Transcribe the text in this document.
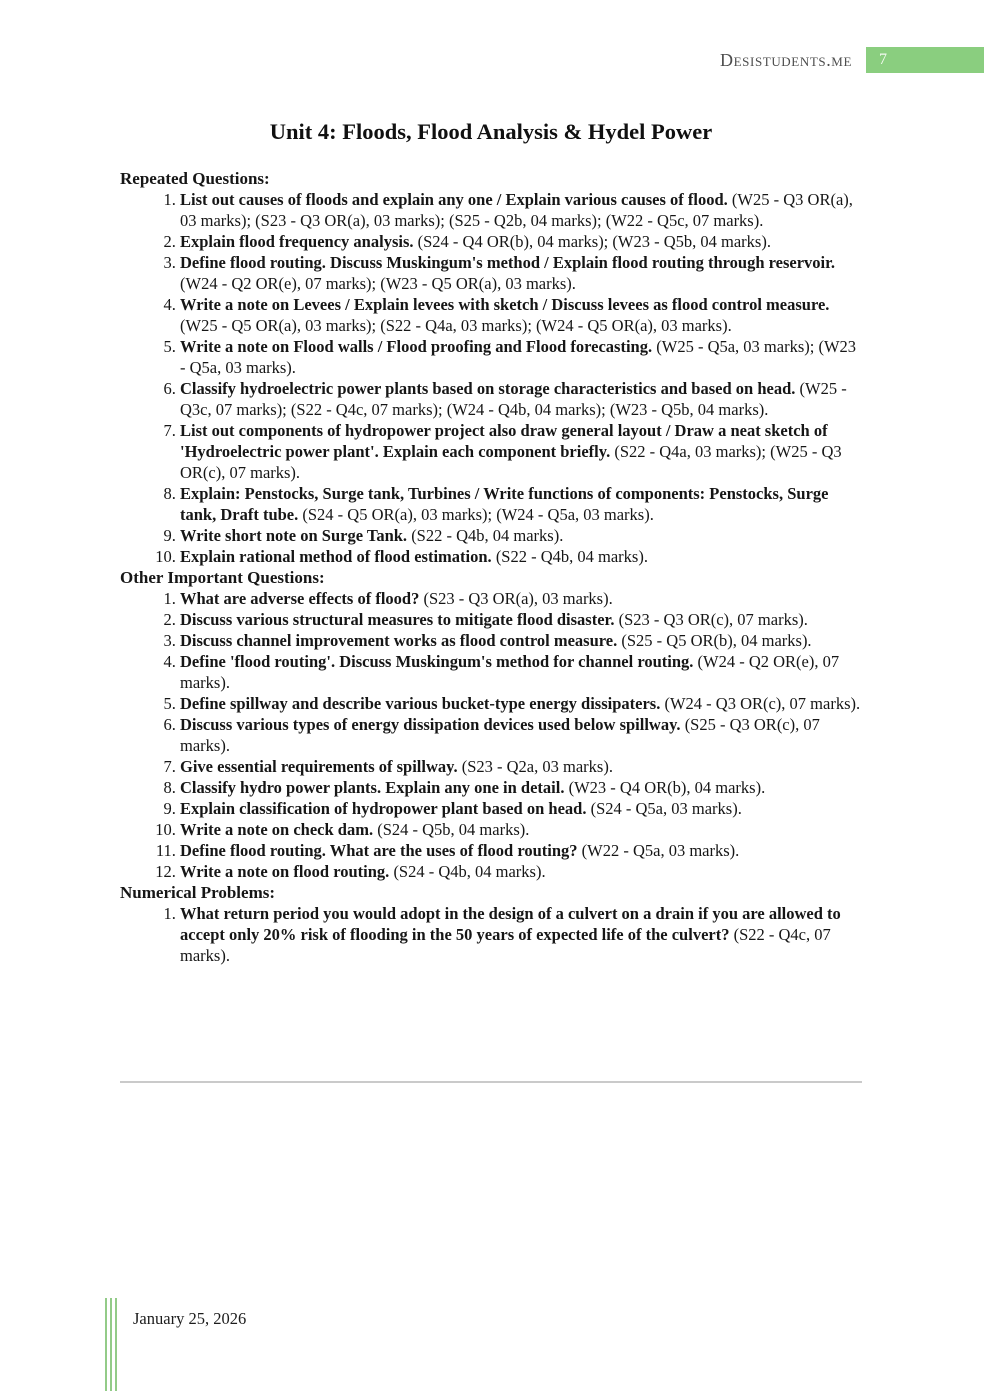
Desistudents.me 7
Unit 4: Floods, Flood Analysis & Hydel Power
Repeated Questions:
1. List out causes of floods and explain any one / Explain various causes of flood. (W25 - Q3 OR(a), 03 marks); (S23 - Q3 OR(a), 03 marks); (S25 - Q2b, 04 marks); (W22 - Q5c, 07 marks).
2. Explain flood frequency analysis. (S24 - Q4 OR(b), 04 marks); (W23 - Q5b, 04 marks).
3. Define flood routing. Discuss Muskingum's method / Explain flood routing through reservoir. (W24 - Q2 OR(e), 07 marks); (W23 - Q5 OR(a), 03 marks).
4. Write a note on Levees / Explain levees with sketch / Discuss levees as flood control measure. (W25 - Q5 OR(a), 03 marks); (S22 - Q4a, 03 marks); (W24 - Q5 OR(a), 03 marks).
5. Write a note on Flood walls / Flood proofing and Flood forecasting. (W25 - Q5a, 03 marks); (W23 - Q5a, 03 marks).
6. Classify hydroelectric power plants based on storage characteristics and based on head. (W25 - Q3c, 07 marks); (S22 - Q4c, 07 marks); (W24 - Q4b, 04 marks); (W23 - Q5b, 04 marks).
7. List out components of hydropower project also draw general layout / Draw a neat sketch of 'Hydroelectric power plant'. Explain each component briefly. (S22 - Q4a, 03 marks); (W25 - Q3 OR(c), 07 marks).
8. Explain: Penstocks, Surge tank, Turbines / Write functions of components: Penstocks, Surge tank, Draft tube. (S24 - Q5 OR(a), 03 marks); (W24 - Q5a, 03 marks).
9. Write short note on Surge Tank. (S22 - Q4b, 04 marks).
10. Explain rational method of flood estimation. (S22 - Q4b, 04 marks).
Other Important Questions:
1. What are adverse effects of flood? (S23 - Q3 OR(a), 03 marks).
2. Discuss various structural measures to mitigate flood disaster. (S23 - Q3 OR(c), 07 marks).
3. Discuss channel improvement works as flood control measure. (S25 - Q5 OR(b), 04 marks).
4. Define 'flood routing'. Discuss Muskingum's method for channel routing. (W24 - Q2 OR(e), 07 marks).
5. Define spillway and describe various bucket-type energy dissipaters. (W24 - Q3 OR(c), 07 marks).
6. Discuss various types of energy dissipation devices used below spillway. (S25 - Q3 OR(c), 07 marks).
7. Give essential requirements of spillway. (S23 - Q2a, 03 marks).
8. Classify hydro power plants. Explain any one in detail. (W23 - Q4 OR(b), 04 marks).
9. Explain classification of hydropower plant based on head. (S24 - Q5a, 03 marks).
10. Write a note on check dam. (S24 - Q5b, 04 marks).
11. Define flood routing. What are the uses of flood routing? (W22 - Q5a, 03 marks).
12. Write a note on flood routing. (S24 - Q4b, 04 marks).
Numerical Problems:
1. What return period you would adopt in the design of a culvert on a drain if you are allowed to accept only 20% risk of flooding in the 50 years of expected life of the culvert? (S22 - Q4c, 07 marks).
January 25, 2026
